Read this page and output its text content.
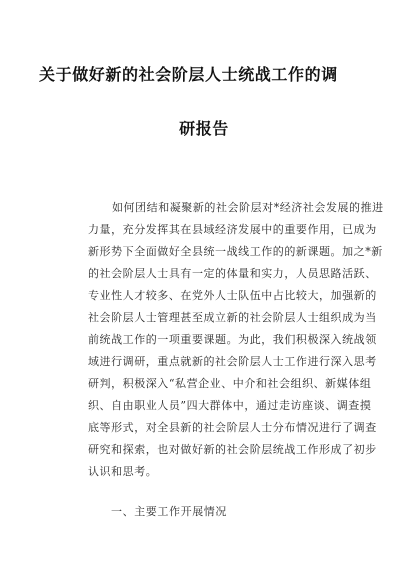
关于做好新的社会阶层人士统战工作的调
研报告
如何团结和凝聚新的社会阶层对*经济社会发展的推进
力量，充分发挥其在县域经济发展中的重要作用，已成为
新形势下全面做好全县统一战线工作的的新课题。加之*新
的社会阶层人士具有一定的体量和实力，人员思路活跃、
专业性人才较多、在党外人士队伍中占比较大，加强新的
社会阶层人士管理甚至成立新的社会阶层人士组织成为当
前统战工作的一项重要课题。为此，我们积极深入统战领
域进行调研，重点就新的社会阶层人士工作进行深入思考
研判，积极深入“私营企业、中介和社会组织、新媒体组
织、自由职业人员”四大群体中，通过走访座谈、调查摸
底等形式，对全县新的社会阶层人士分布情况进行了调查
研究和探索，也对做好新的社会阶层统战工作形成了初步
认识和思考。
一、主要工作开展情况
